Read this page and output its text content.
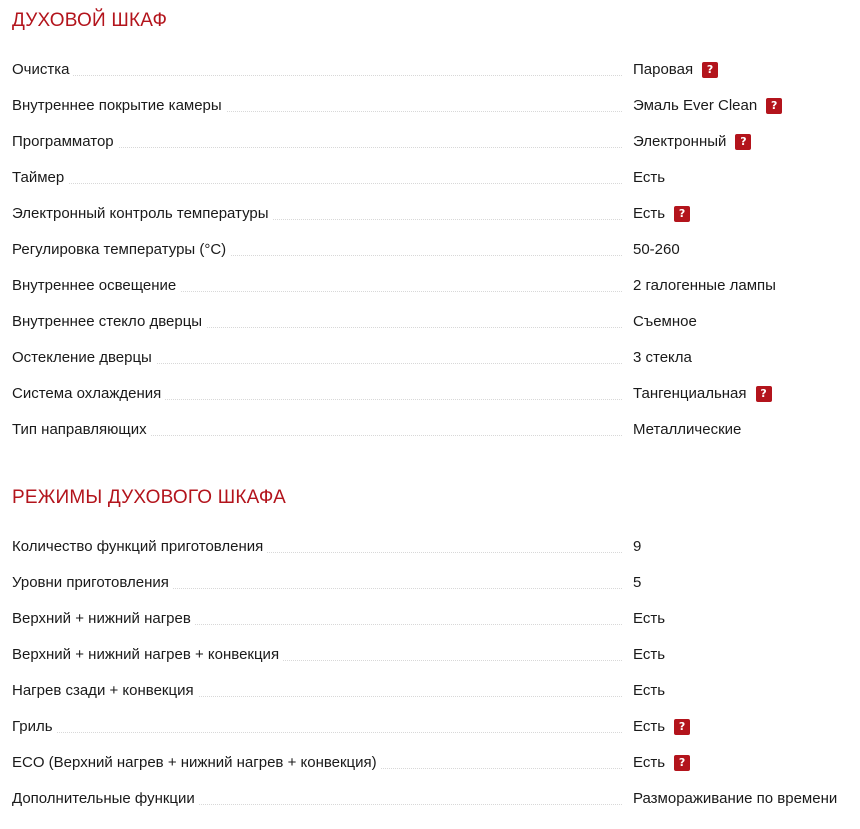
ДУХОВОЙ ШКАФ
Очистка	Паровая	?
Внутреннее покрытие камеры	Эмаль Ever Clean	?
Программатор	Электронный	?
Таймер	Есть
Электронный контроль температуры	Есть	?
Регулировка температуры (°С)	50-260
Внутреннее освещение	2 галогенные лампы
Внутреннее стекло дверцы	Съемное
Остекление дверцы	3 стекла
Система охлаждения	Тангенциальная	?
Тип направляющих	Металлические
РЕЖИМЫ ДУХОВОГО ШКАФА
Количество функций приготовления	9
Уровни приготовления	5
Верхний + нижний нагрев	Есть
Верхний + нижний нагрев + конвекция	Есть
Нагрев сзади + конвекция	Есть
Гриль	Есть	?
ECO (Верхний нагрев + нижний нагрев + конвекция)	Есть	?
Дополнительные функции	Размораживание по времени
